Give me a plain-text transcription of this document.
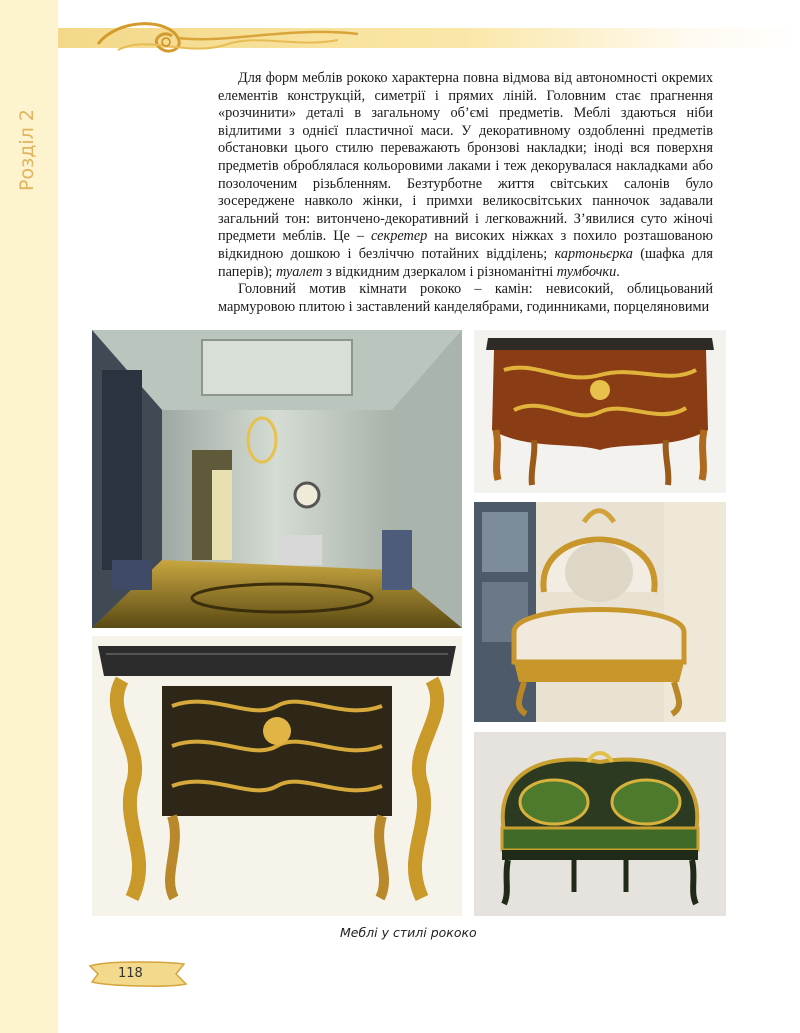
Розділ 2

Для форм меблів рококо характерна повна відмова від автономності окремих елементів конструкцій, симетрії і прямих ліній. Головним стає прагнення «розчинити» деталі в загальному об’ємі предметів. Меблі здаються ніби відлитими з однієї пластичної маси. У декоративному оздобленні предметів обстановки цього стилю переважають бронзові накладки; іноді вся поверхня предметів оброблялася кольоровими лаками і теж декорувалася накладками або позолоченим різьбленням. Безтурботне життя світських салонів було зосереджене навколо жінки, і примхи великосвітських панночок задавали загальний тон: витончено-декоративний і легковажний. З’явилися суто жіночі предмети меблів. Це – секретер на високих ніжках з похило розташованою відкидною дошкою і безліччю потайних відділень; картоньєрка (шафка для паперів); туалет з відкидним дзеркалом і різноманітні тумбочки.

Головний мотив кімнати рококо – камін: невисокий, облицьований мармуровою плитою і заставлений канделябрами, годинниками, порцеляновими

Меблі у стилі рококо
118
